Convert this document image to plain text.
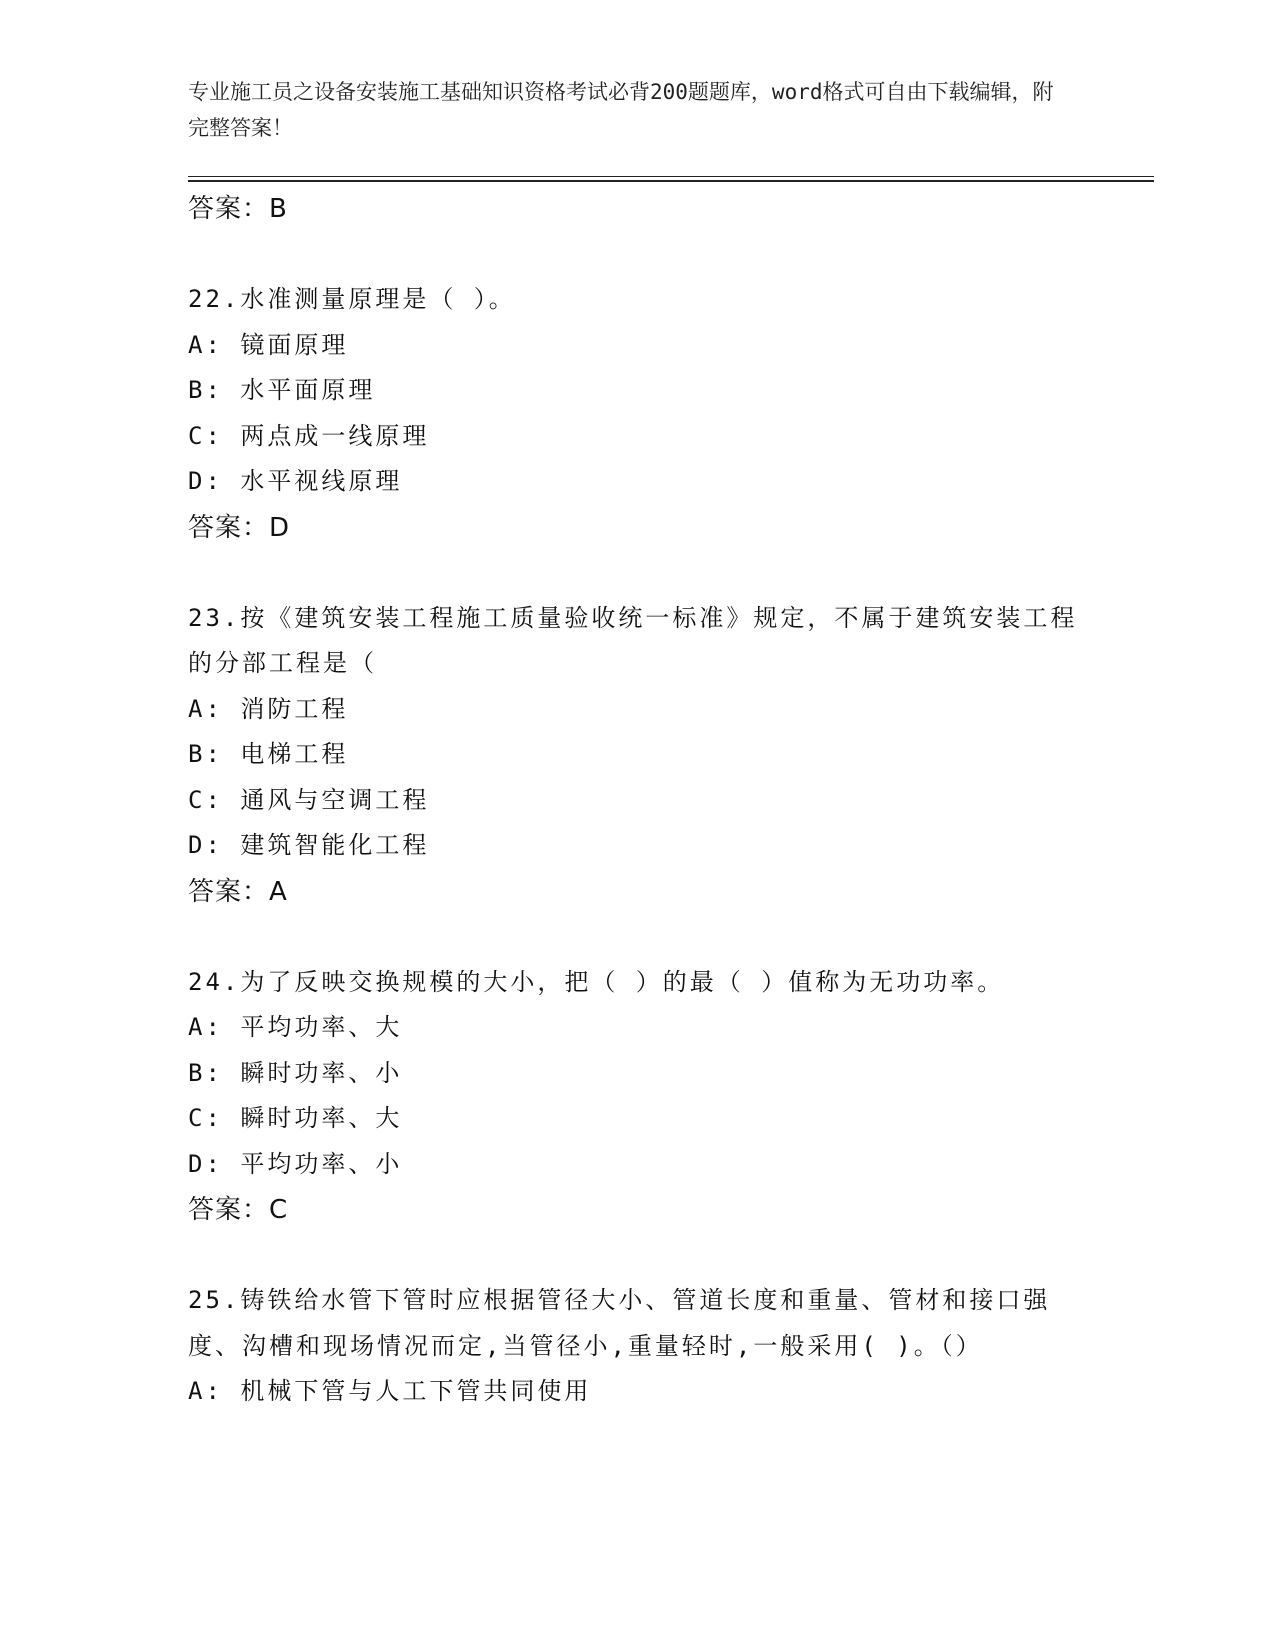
专业施工员之设备安装施工基础知识资格考试必背200题题库，word格式可自由下载编辑，附完整答案！
答案：B
22.水准测量原理是（ ）。
A: 镜面原理
B: 水平面原理
C: 两点成一线原理
D: 水平视线原理
答案：D
23.按《建筑安装工程施工质量验收统一标准》规定，不属于建筑安装工程的分部工程是（
A: 消防工程
B: 电梯工程
C: 通风与空调工程
D: 建筑智能化工程
答案：A
24.为了反映交换规模的大小，把（ ）的最（ ）值称为无功功率。
A: 平均功率、大
B: 瞬时功率、小
C: 瞬时功率、大
D: 平均功率、小
答案：C
25.铸铁给水管下管时应根据管径大小、管道长度和重量、管材和接口强度、沟槽和现场情况而定,当管径小,重量轻时,一般采用( )。（）
A: 机械下管与人工下管共同使用
